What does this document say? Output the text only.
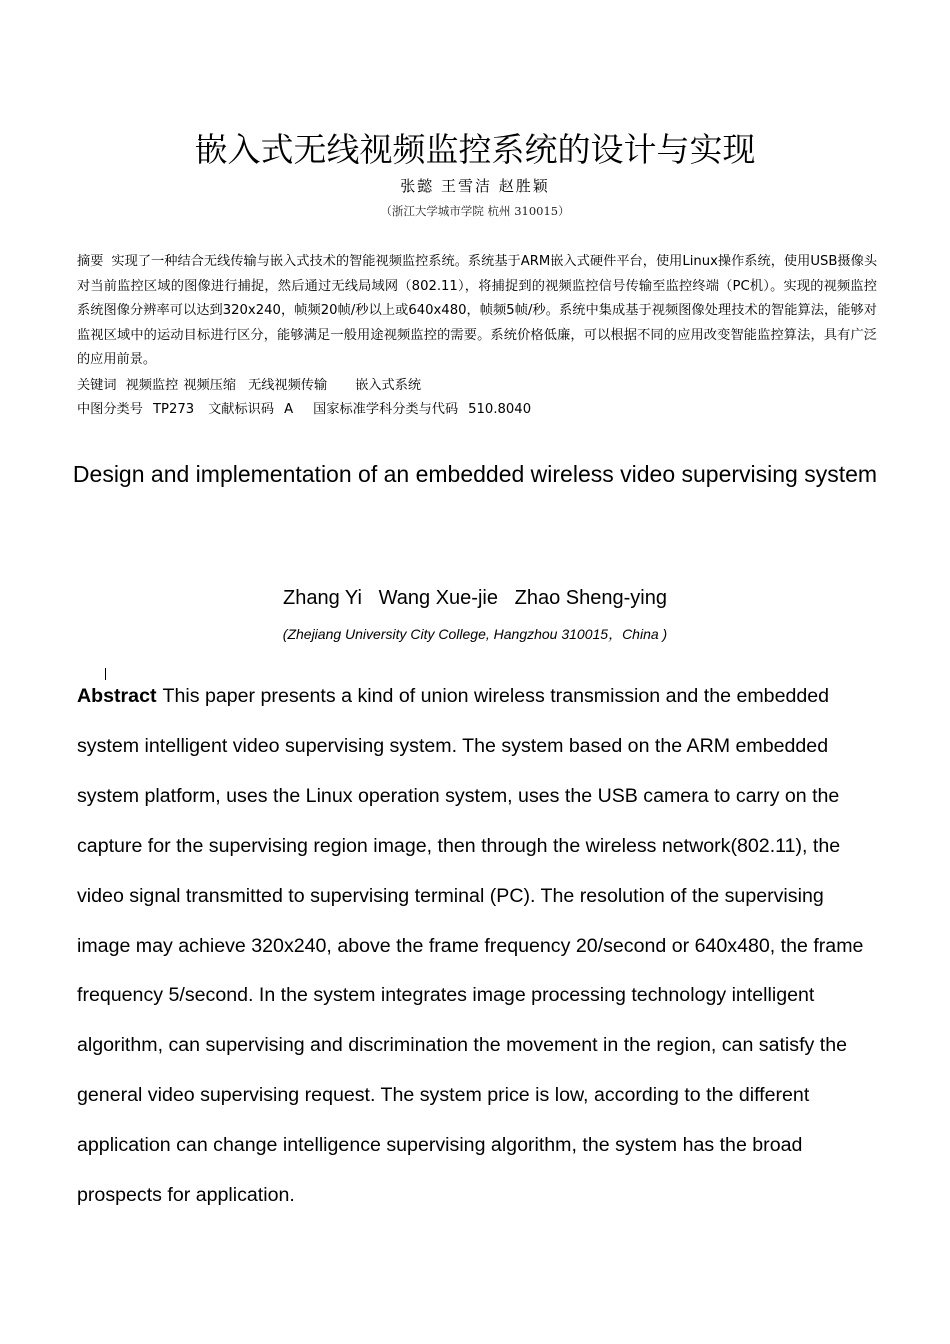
嵌入式无线视频监控系统的设计与实现
张懿 王雪洁 赵胜颖
（浙江大学城市学院 杭州 310015）
摘要 实现了一种结合无线传输与嵌入式技术的智能视频监控系统。系统基于ARM嵌入式硬件平台，使用Linux操作系统，使用USB摄像头对当前监控区域的图像进行捕捉，然后通过无线局域网（802.11），将捕捉到的视频监控信号传输至监控终端（PC机）。实现的视频监控系统图像分辨率可以达到320x240，帧频20帧/秒以上或640x480，帧频5帧/秒。系统中集成基于视频图像处理技术的智能算法，能够对监视区域中的运动目标进行区分，能够满足一般用途视频监控的需要。系统价格低廉，可以根据不同的应用改变智能监控算法，具有广泛的应用前景。
关键词 视频监控 视频压缩 无线视频传输 嵌入式系统
中图分类号 TP273 文献标识码 A 国家标准学科分类与代码 510.8040
Design and implementation of an embedded wireless video supervising system
Zhang Yi   Wang Xue-jie   Zhao Sheng-ying
(Zhejiang University City College, Hangzhou 310015，China )
Abstract This paper presents a kind of union wireless transmission and the embedded system intelligent video supervising system. The system based on the ARM embedded system platform, uses the Linux operation system, uses the USB camera to carry on the capture for the supervising region image, then through the wireless network(802.11), the video signal transmitted to supervising terminal (PC). The resolution of the supervising image may achieve 320x240, above the frame frequency 20/second or 640x480, the frame frequency 5/second. In the system integrates image processing technology intelligent algorithm, can supervising and discrimination the movement in the region, can satisfy the general video supervising request. The system price is low, according to the different application can change intelligence supervising algorithm, the system has the broad prospects for application.
